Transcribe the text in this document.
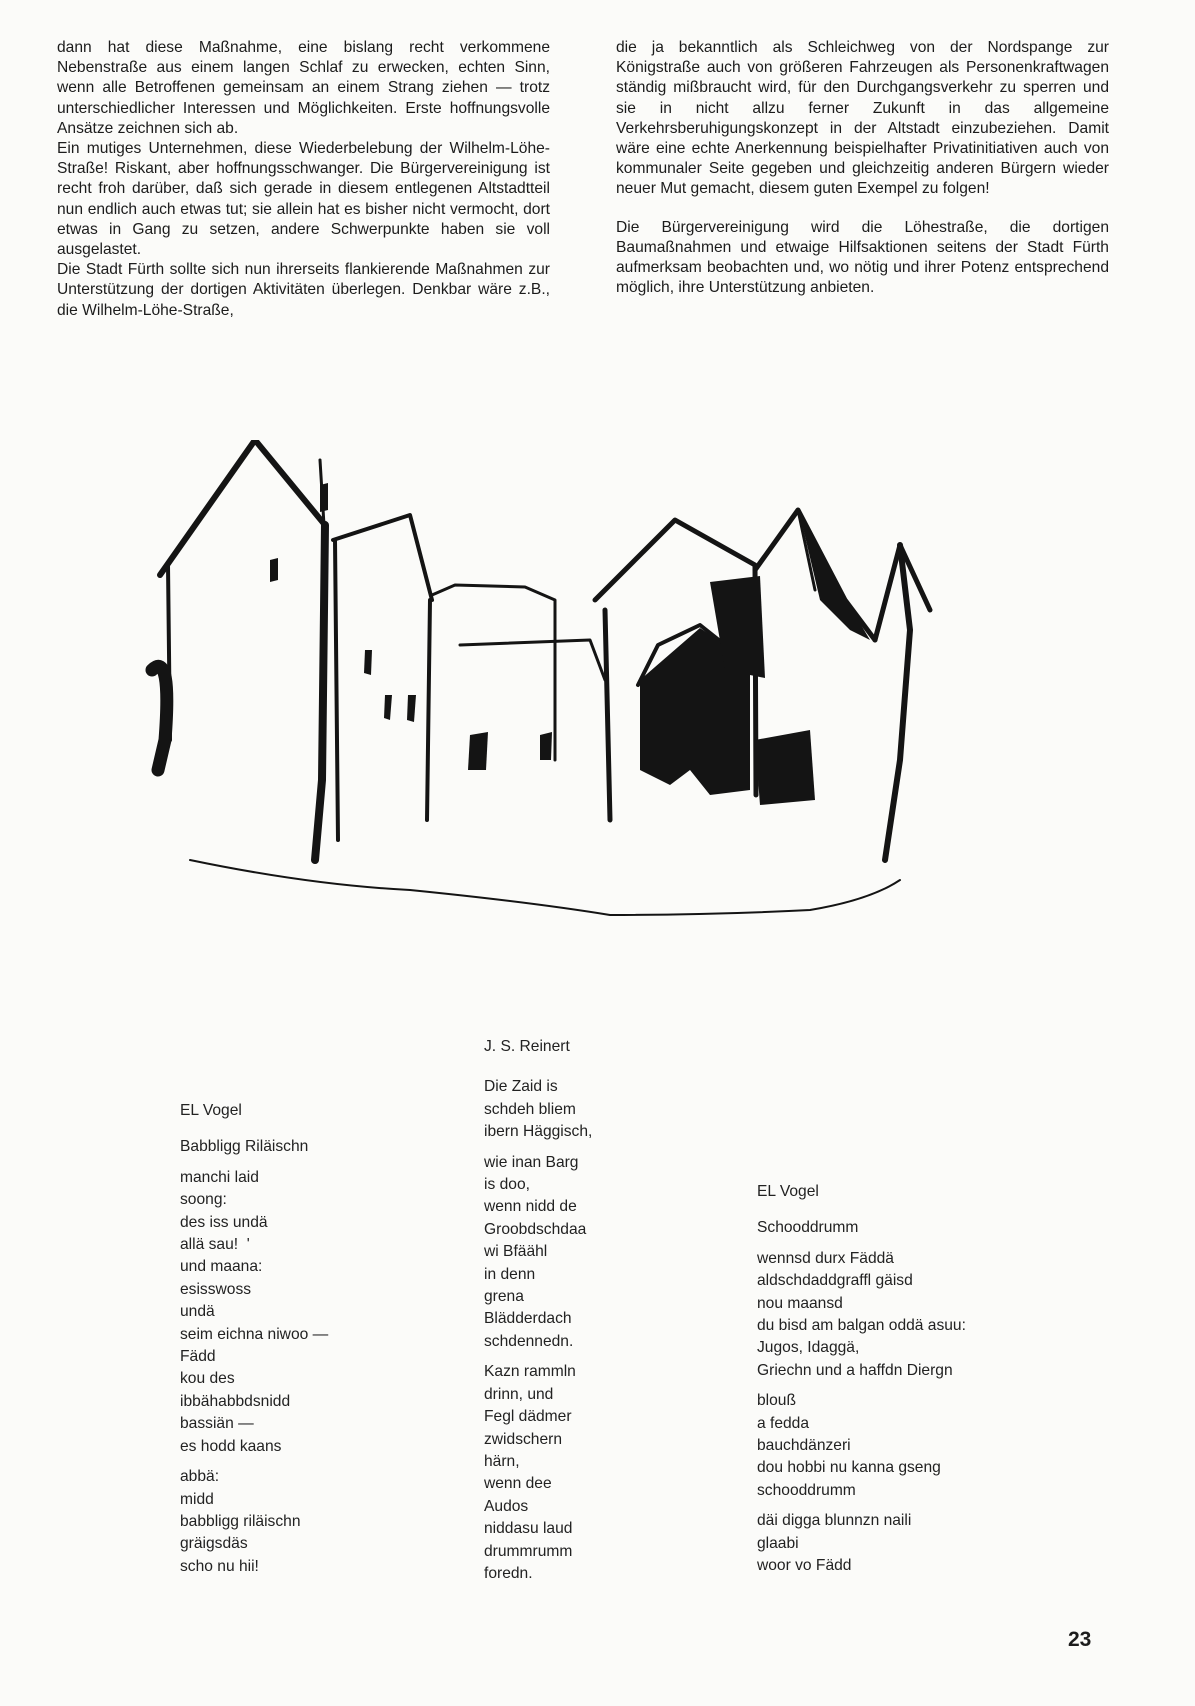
dann hat diese Maßnahme, eine bislang recht verkommene Nebenstraße aus einem langen Schlaf zu erwecken, echten Sinn, wenn alle Betroffenen gemeinsam an einem Strang ziehen — trotz unterschiedlicher Interessen und Möglichkeiten. Erste hoffnungsvolle Ansätze zeichnen sich ab.

Ein mutiges Unternehmen, diese Wiederbelebung der Wilhelm-Löhe-Straße! Riskant, aber hoffnungsschwanger. Die Bürgervereinigung ist recht froh darüber, daß sich gerade in diesem entlegenen Altstadtteil nun endlich auch etwas tut; sie allein hat es bisher nicht vermocht, dort etwas in Gang zu setzen, andere Schwerpunkte haben sie voll ausgelastet.

Die Stadt Fürth sollte sich nun ihrerseits flankierende Maßnahmen zur Unterstützung der dortigen Aktivitäten überlegen. Denkbar wäre z.B., die Wilhelm-Löhe-Straße,

die ja bekanntlich als Schleichweg von der Nordspange zur Königstraße auch von größeren Fahrzeugen als Personenkraftwagen ständig mißbraucht wird, für den Durchgangsverkehr zu sperren und sie in nicht allzu ferner Zukunft in das allgemeine Verkehrsberuhigungskonzept in der Altstadt einzubeziehen. Damit wäre eine echte Anerkennung beispielhafter Privatinitiativen auch von kommunaler Seite gegeben und gleichzeitig anderen Bürgern wieder neuer Mut gemacht, diesem guten Exempel zu folgen!

Die Bürgervereinigung wird die Löhestraße, die dortigen Baumaßnahmen und etwaige Hilfsaktionen seitens der Stadt Fürth aufmerksam beobachten und, wo nötig und ihrer Potenz entsprechend möglich, ihre Unterstützung anbieten.

EL Vogel
Babbligg Riläischn
manchi laid
soong:
des iss undä
allä sau!  '
und maana:
esisswoss
undä
seim eichna niwoo —
Fädd
kou des
ibbähabbdsnidd
bassiän —
es hodd kaans
abbä:
midd
babbligg riläischn
gräigsdäs
scho nu hii!
J. S. Reinert
Die Zaid is
schdeh bliem
ibern Häggisch,
wie inan Barg
is doo,
wenn nidd de
Groobdschdaa
wi Bfäähl
in denn
grena
Blädderdach
schdennedn.
Kazn rammln
drinn, und
Fegl dädmer
zwidschern
härn,
wenn dee
Audos
niddasu laud
drummrumm
foredn.
EL Vogel
Schooddrumm
wennsd durx Fäddä
aldschdaddgraffl gäisd
nou maansd
du bisd am balgan oddä asuu:
Jugos, Idaggä,
Griechn und a haffdn Diergn
blouß
a fedda
bauchdänzeri
dou hobbi nu kanna gseng
schooddrumm
däi digga blunnzn naili
glaabi
woor vo Fädd
23
